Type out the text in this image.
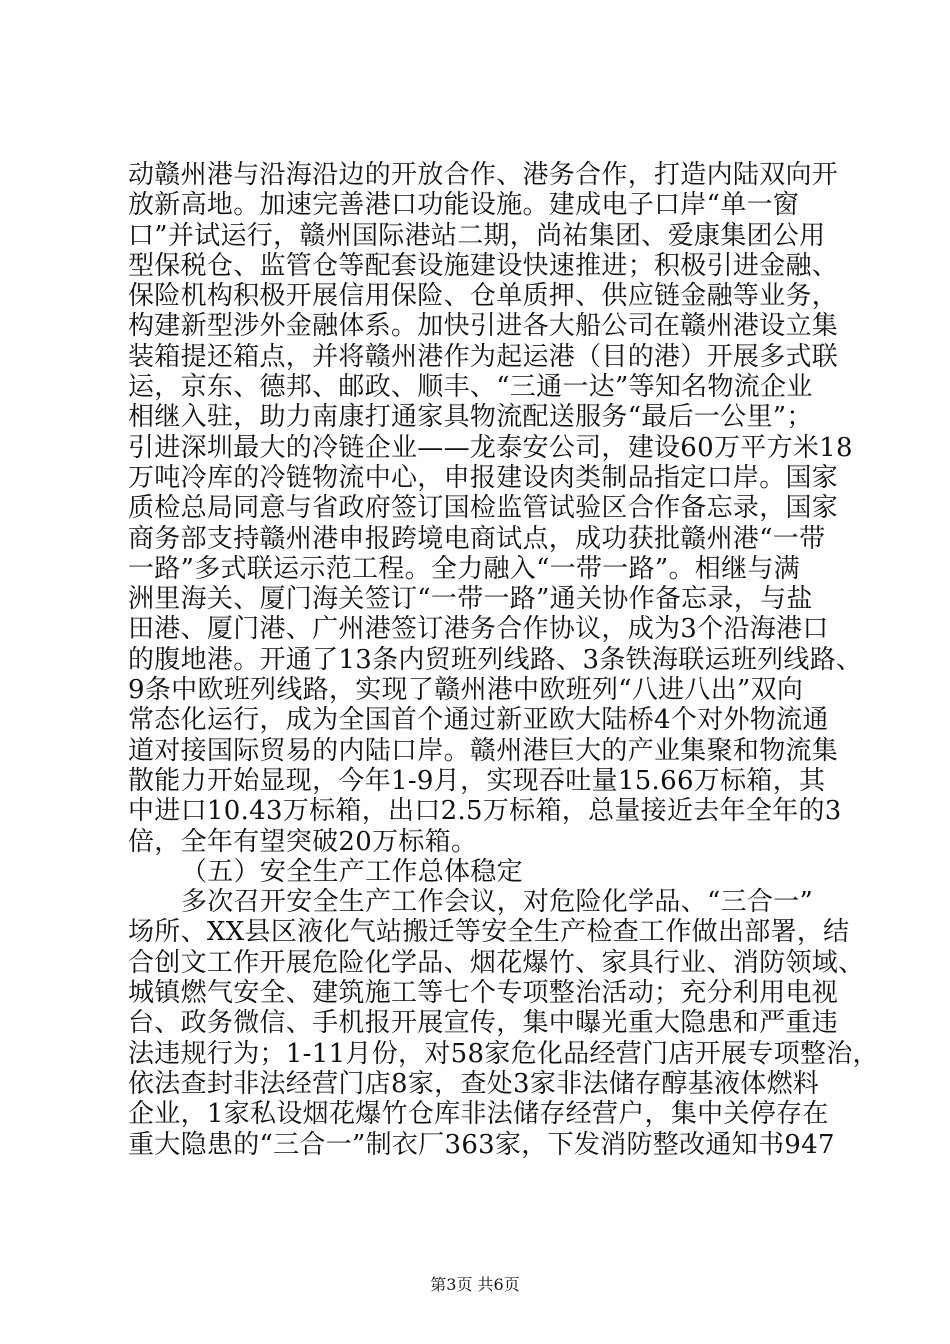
动赣州港与沿海沿边的开放合作、港务合作，打造内陆双向开
放新高地。加速完善港口功能设施。建成电子口岸“单一窗
口”并试运行，赣州国际港站二期，尚祐集团、爱康集团公用
型保税仓、监管仓等配套设施建设快速推进；积极引进金融、
保险机构积极开展信用保险、仓单质押、供应链金融等业务，
构建新型涉外金融体系。加快引进各大船公司在赣州港设立集
装箱提还箱点，并将赣州港作为起运港（目的港）开展多式联
运，京东、德邦、邮政、顺丰、“三通一达”等知名物流企业
相继入驻，助力南康打通家具物流配送服务“最后一公里”；
引进深圳最大的冷链企业——龙泰安公司，建设60万平方米18
万吨冷库的冷链物流中心，申报建设肉类制品指定口岸。国家
质检总局同意与省政府签订国检监管试验区合作备忘录，国家
商务部支持赣州港申报跨境电商试点，成功获批赣州港“一带
一路”多式联运示范工程。全力融入“一带一路”。相继与满
洲里海关、厦门海关签订“一带一路”通关协作备忘录，与盐
田港、厦门港、广州港签订港务合作协议，成为3个沿海港口
的腹地港。开通了13条内贸班列线路、3条铁海联运班列线路、
9条中欧班列线路，实现了赣州港中欧班列“八进八出”双向
常态化运行，成为全国首个通过新亚欧大陆桥4个对外物流通
道对接国际贸易的内陆口岸。赣州港巨大的产业集聚和物流集
散能力开始显现，今年1-9月，实现吞吐量15.66万标箱，其
中进口10.43万标箱，出口2.5万标箱，总量接近去年全年的3
倍，全年有望突破20万标箱。
（五）安全生产工作总体稳定
多次召开安全生产工作会议，对危险化学品、“三合一”
场所、XX县区液化气站搬迁等安全生产检查工作做出部署，结
合创文工作开展危险化学品、烟花爆竹、家具行业、消防领域、
城镇燃气安全、建筑施工等七个专项整治活动；充分利用电视
台、政务微信、手机报开展宣传，集中曝光重大隐患和严重违
法违规行为；1-11月份，对58家危化品经营门店开展专项整治，
依法查封非法经营门店8家，查处3家非法储存醇基液体燃料
企业，1家私设烟花爆竹仓库非法储存经营户，集中关停存在
重大隐患的“三合一”制衣厂363家，下发消防整改通知书947
第3页 共6页
